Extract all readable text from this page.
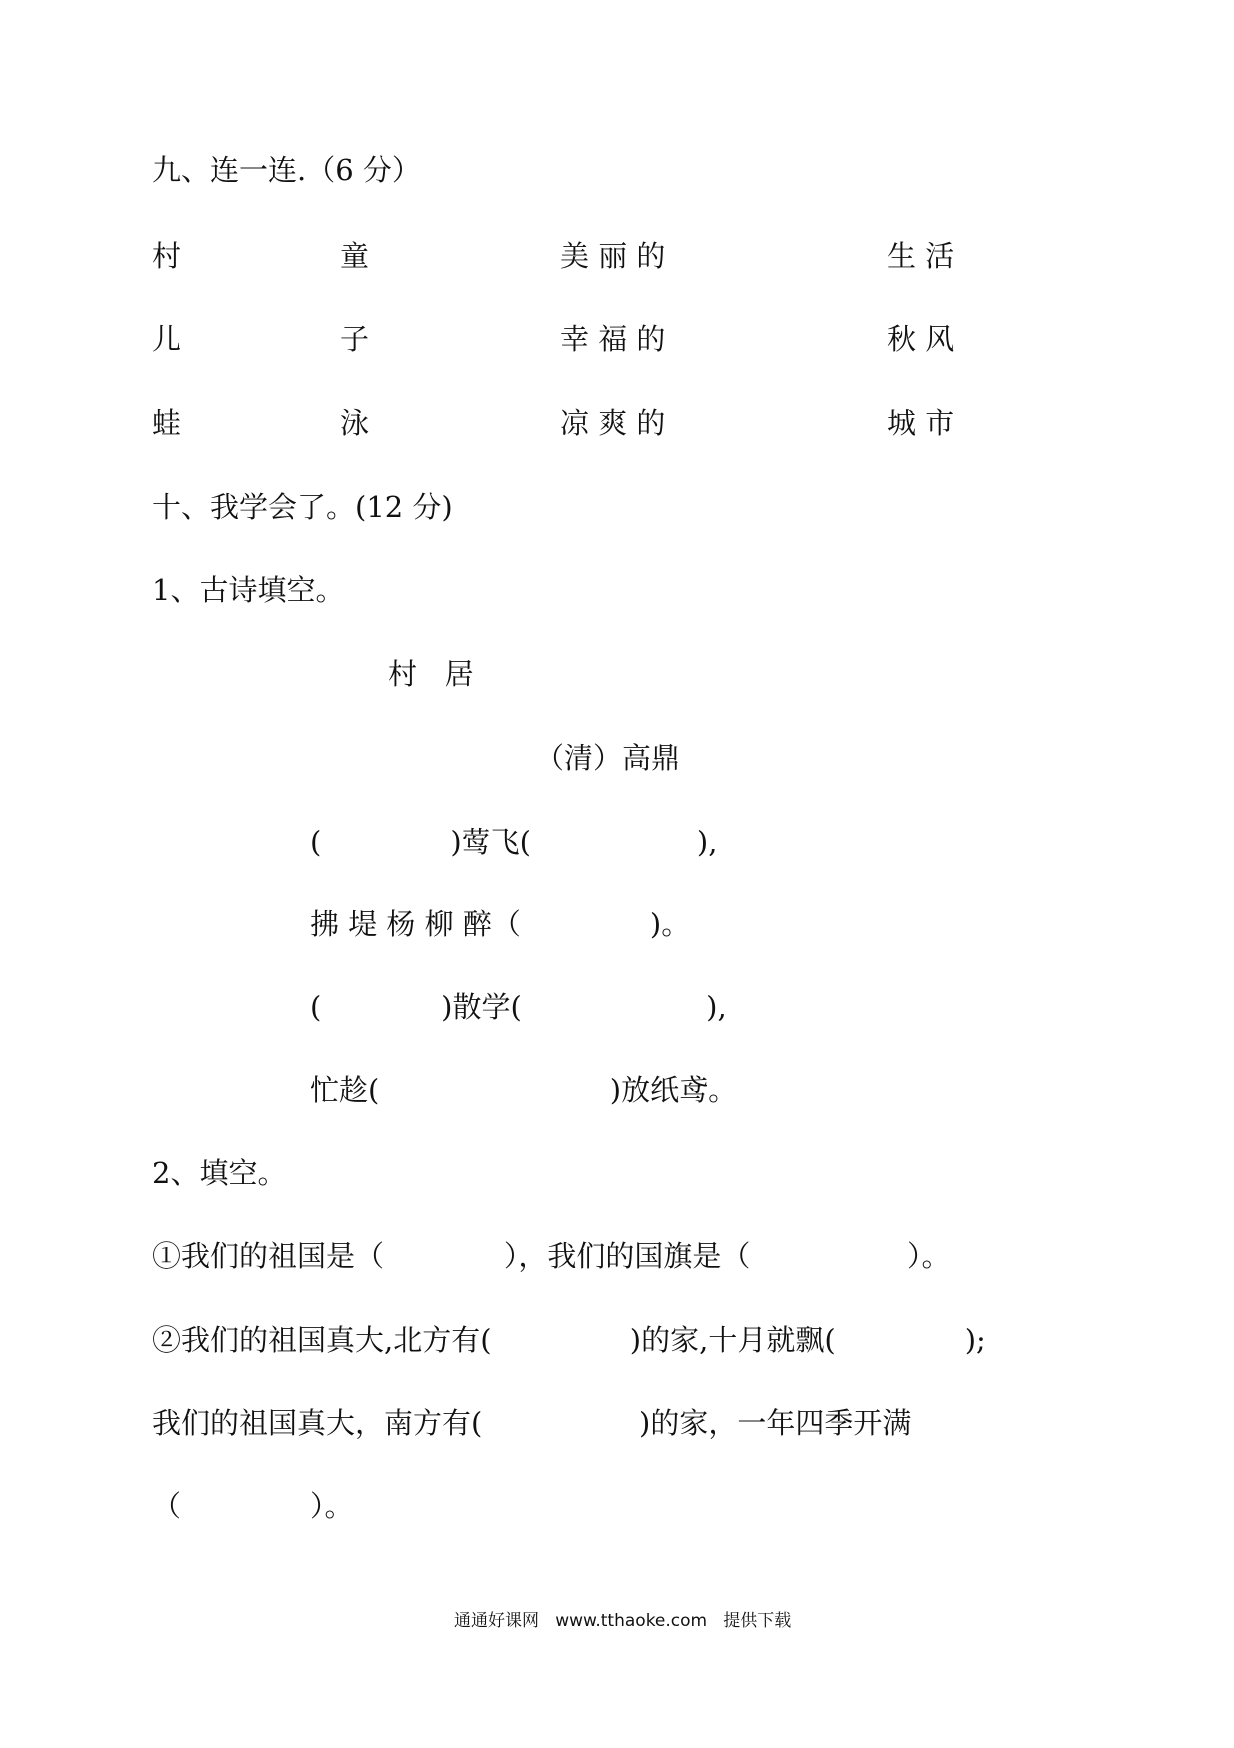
九、连一连.（6 分）
村	童	美 丽 的	生 活
儿	子	幸 福 的	秋 风
蛙	泳	凉 爽 的	城 市
十、我学会了。(12 分)
1、古诗填空。
村   居
（清）高鼎
(              )莺飞(                  ),
拂 堤 杨 柳 醉（              )。
(             )散学(                    ),
忙趁(                         )放纸鸢。
2、填空。
①我们的祖国是（             ），我们的国旗是（                 ）。
②我们的祖国真大,北方有(               )的家,十月就飘(              );
我们的祖国真大，南方有(                 )的家，一年四季开满
（              ）。
通通好课网   www.tthaoke.com   提供下载
